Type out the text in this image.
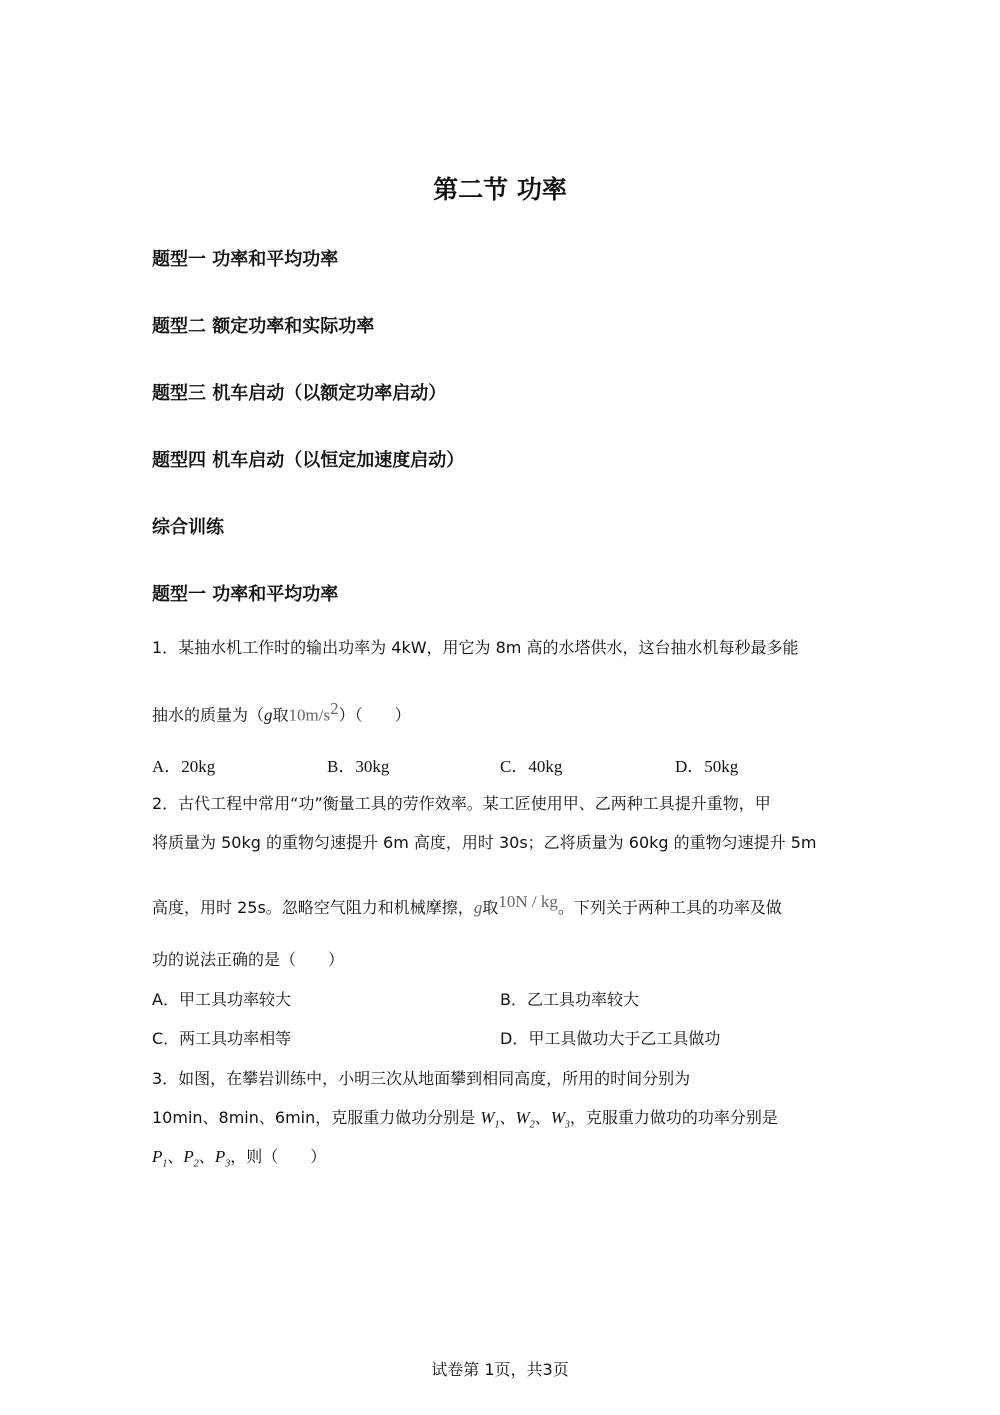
第二节 功率
题型一 功率和平均功率
题型二 额定功率和实际功率
题型三 机车启动（以额定功率启动）
题型四 机车启动（以恒定加速度启动）
综合训练
题型一 功率和平均功率
1．某抽水机工作时的输出功率为 4kW，用它为 8m 高的水塔供水，这台抽水机每秒最多能
抽水的质量为（g取$10m/s^2$）（　　）
A．20kg	B．30kg	C．40kg	D．50kg
2．古代工程中常用“功”衡量工具的劳作效率。某工匠使用甲、乙两种工具提升重物，甲
将质量为 50kg 的重物匀速提升 6m 高度，用时 30s；乙将质量为 60kg 的重物匀速提升 5m
高度，用时 25s。忽略空气阻力和机械摩擦，g取10N / kg。下列关于两种工具的功率及做
功的说法正确的是（　　）
A．甲工具功率较大	B．乙工具功率较大
C．两工具功率相等	D．甲工具做功大于乙工具做功
3．如图，在攀岩训练中，小明三次从地面攀到相同高度，所用的时间分别为
10min、8min、6min，克服重力做功分别是 $W_1$、$W_2$、$W_3$，克服重力做功的功率分别是
$P_1$、$P_2$、$P_3$，则（　　）
试卷第 1页，共3页
